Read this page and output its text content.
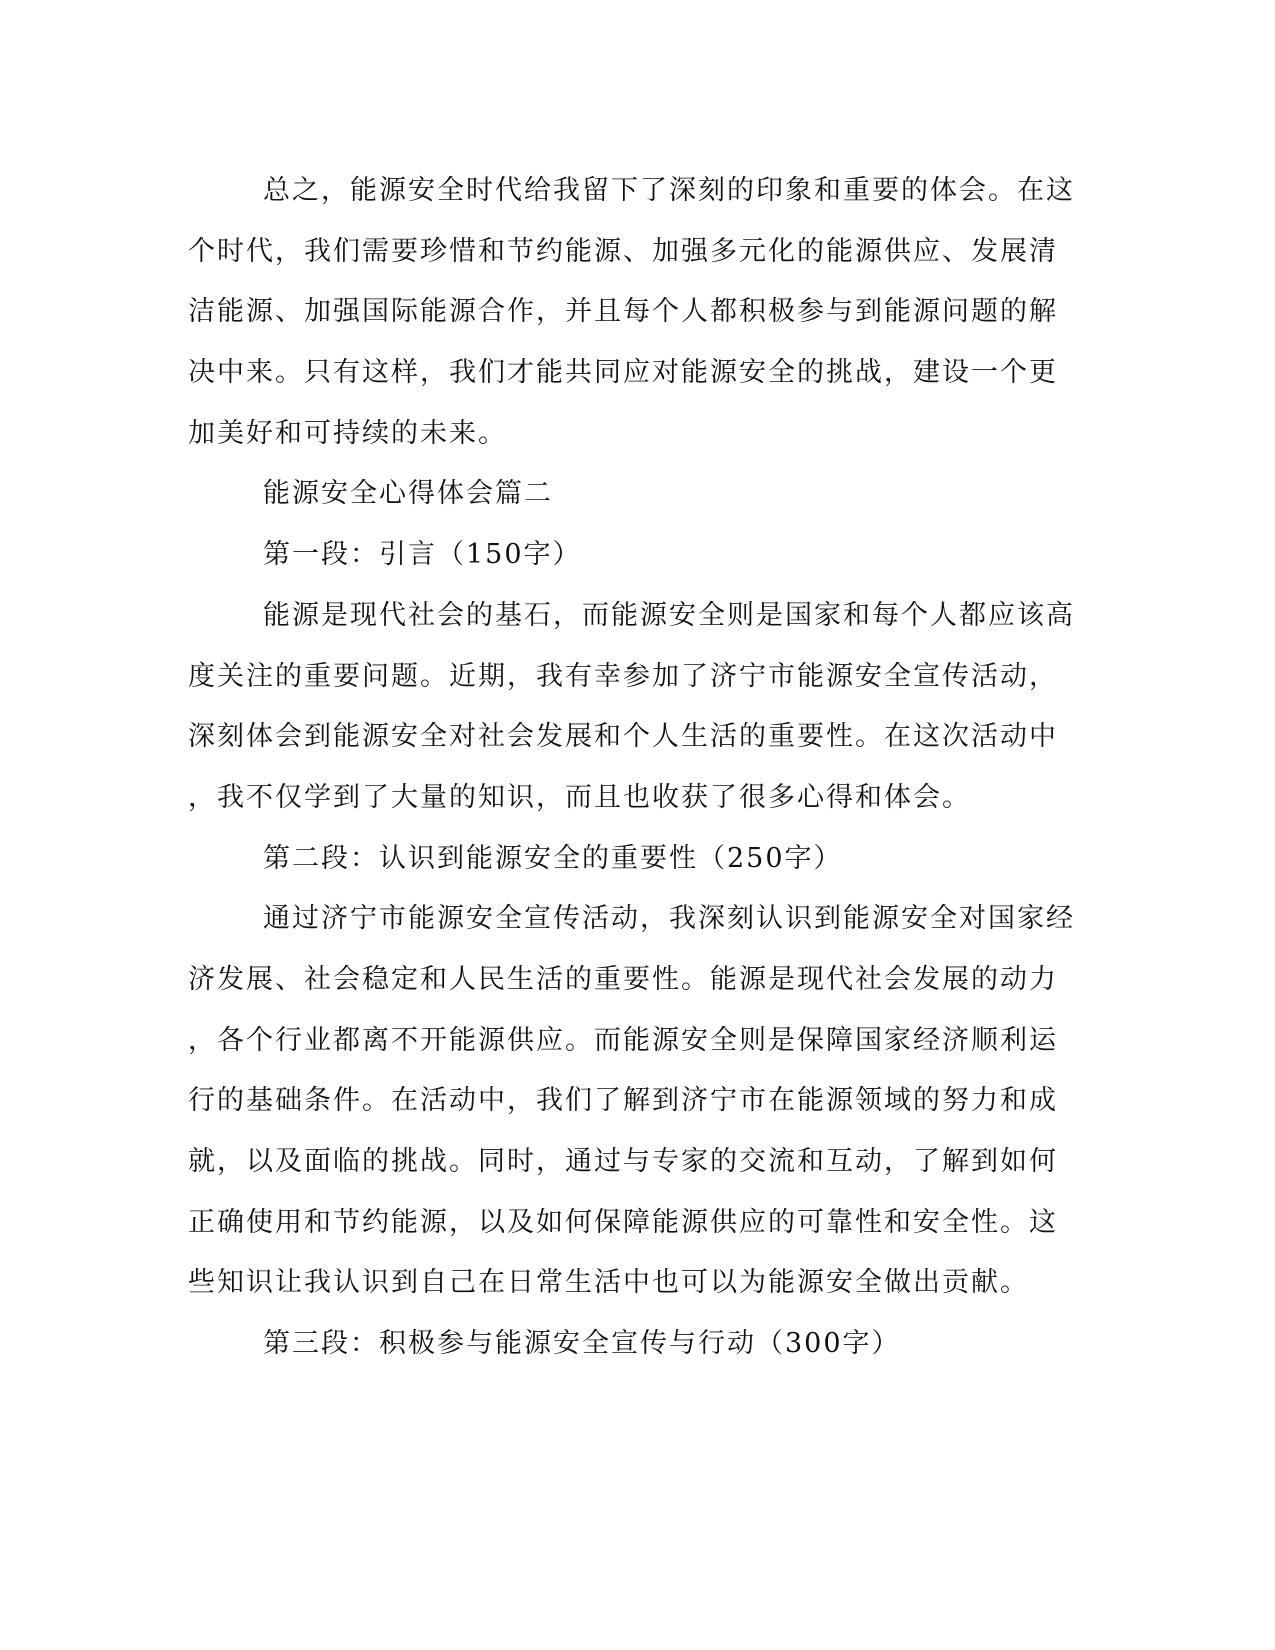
总之，能源安全时代给我留下了深刻的印象和重要的体会。在这
个时代，我们需要珍惜和节约能源、加强多元化的能源供应、发展清
洁能源、加强国际能源合作，并且每个人都积极参与到能源问题的解
决中来。只有这样，我们才能共同应对能源安全的挑战，建设一个更
加美好和可持续的未来。
能源安全心得体会篇二
第一段：引言（150字）
能源是现代社会的基石，而能源安全则是国家和每个人都应该高
度关注的重要问题。近期，我有幸参加了济宁市能源安全宣传活动，
深刻体会到能源安全对社会发展和个人生活的重要性。在这次活动中
，我不仅学到了大量的知识，而且也收获了很多心得和体会。
第二段：认识到能源安全的重要性（250字）
通过济宁市能源安全宣传活动，我深刻认识到能源安全对国家经
济发展、社会稳定和人民生活的重要性。能源是现代社会发展的动力
，各个行业都离不开能源供应。而能源安全则是保障国家经济顺利运
行的基础条件。在活动中，我们了解到济宁市在能源领域的努力和成
就，以及面临的挑战。同时，通过与专家的交流和互动，了解到如何
正确使用和节约能源，以及如何保障能源供应的可靠性和安全性。这
些知识让我认识到自己在日常生活中也可以为能源安全做出贡献。
第三段：积极参与能源安全宣传与行动（300字）
